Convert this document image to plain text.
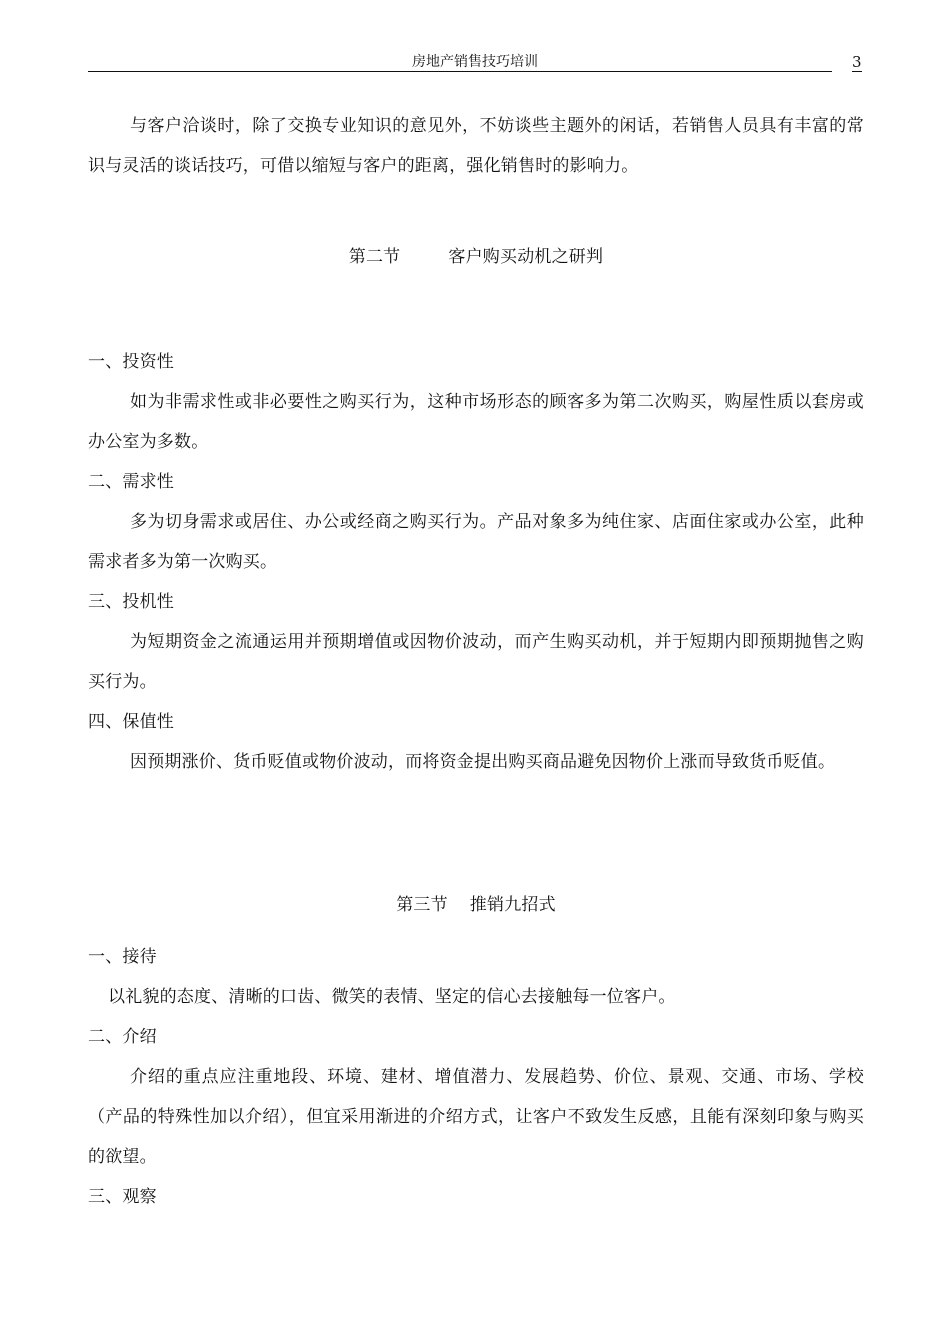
房地产销售技巧培训	3

与客户洽谈时，除了交换专业知识的意见外，不妨谈些主题外的闲话，若销售人员具有丰富的常识与灵活的谈话技巧，可借以缩短与客户的距离，强化销售时的影响力。

第二节	客户购买动机之研判

一、投资性

如为非需求性或非必要性之购买行为，这种市场形态的顾客多为第二次购买，购屋性质以套房或办公室为多数。

二、需求性

多为切身需求或居住、办公或经商之购买行为。产品对象多为纯住家、店面住家或办公室，此种需求者多为第一次购买。

三、投机性

为短期资金之流通运用并预期增值或因物价波动，而产生购买动机，并于短期内即预期抛售之购买行为。

四、保值性

因预期涨价、货币贬值或物价波动，而将资金提出购买商品避免因物价上涨而导致货币贬值。

第三节 推销九招式

一、接待

以礼貌的态度、清晰的口齿、微笑的表情、坚定的信心去接触每一位客户。

二、介绍

介绍的重点应注重地段、环境、建材、增值潜力、发展趋势、价位、景观、交通、市场、学校（产品的特殊性加以介绍），但宜采用渐进的介绍方式，让客户不致发生反感，且能有深刻印象与购买的欲望。

三、观察
